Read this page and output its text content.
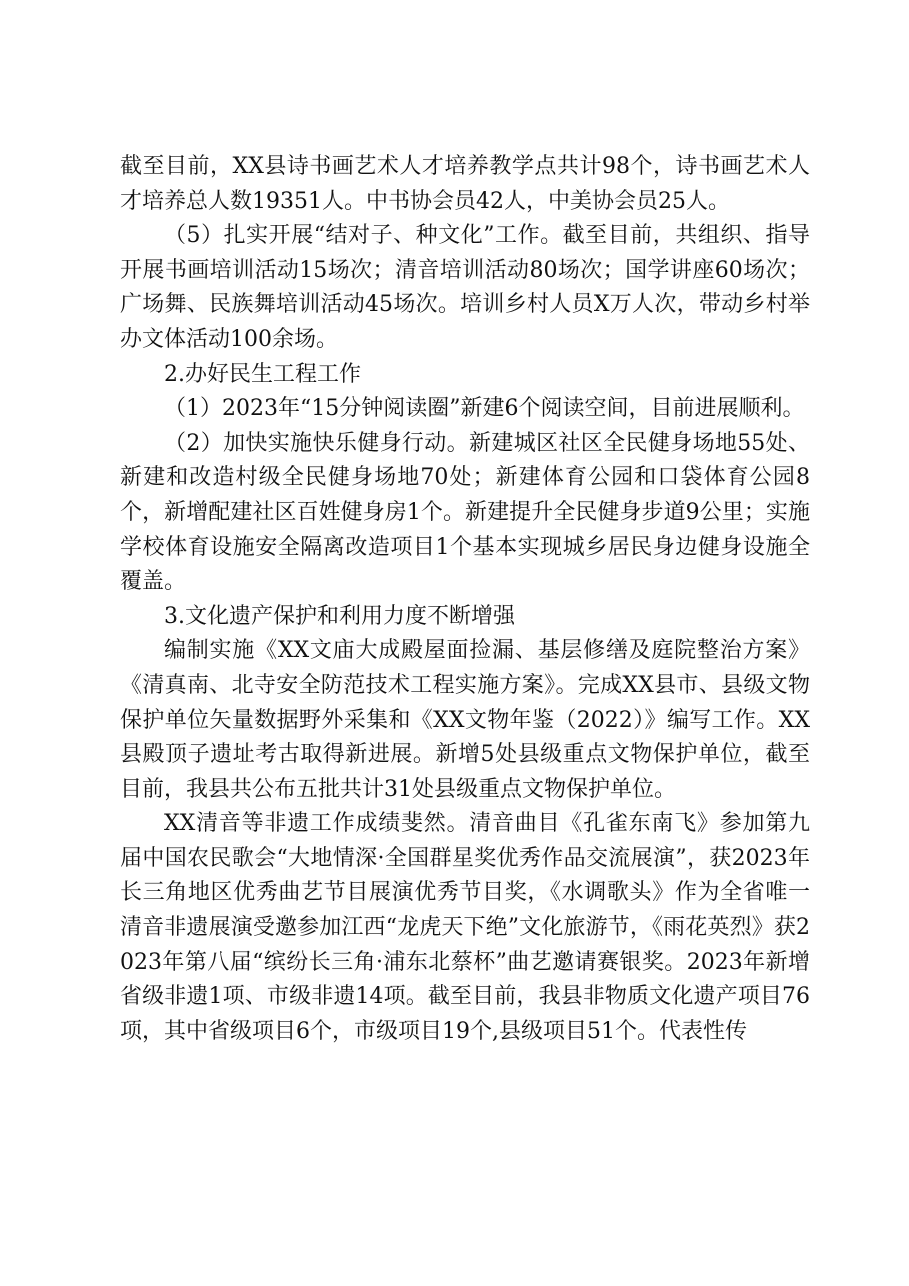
截至目前，XX县诗书画艺术人才培养教学点共计98个，诗书画艺术人才培养总人数19351人。中书协会员42人，中美协会员25人。

（5）扎实开展“结对子、种文化”工作。截至目前，共组织、指导开展书画培训活动15场次；清音培训活动80场次；国学讲座60场次；广场舞、民族舞培训活动45场次。培训乡村人员X万人次，带动乡村举办文体活动100余场。

2.办好民生工程工作

（1）2023年“15分钟阅读圈”新建6个阅读空间，目前进展顺利。

（2）加快实施快乐健身行动。新建城区社区全民健身场地55处、新建和改造村级全民健身场地70处；新建体育公园和口袋体育公园8个，新增配建社区百姓健身房1个。新建提升全民健身步道9公里；实施学校体育设施安全隔离改造项目1个基本实现城乡居民身边健身设施全覆盖。

3.文化遗产保护和利用力度不断增强

编制实施《XX文庙大成殿屋面捡漏、基层修缮及庭院整治方案》《清真南、北寺安全防范技术工程实施方案》。完成XX县市、县级文物保护单位矢量数据野外采集和《XX文物年鉴（2022）》编写工作。XX县殿顶子遗址考古取得新进展。新增5处县级重点文物保护单位，截至目前，我县共公布五批共计31处县级重点文物保护单位。

XX清音等非遗工作成绩斐然。清音曲目《孔雀东南飞》参加第九届中国农民歌会“大地情深·全国群星奖优秀作品交流展演”，获2023年长三角地区优秀曲艺节目展演优秀节目奖，《水调歌头》作为全省唯一清音非遗展演受邀参加江西“龙虎天下绝”文化旅游节，《雨花英烈》获2023年第八届“缤纷长三角·浦东北蔡杯”曲艺邀请赛银奖。2023年新增省级非遗1项、市级非遗14项。截至目前，我县非物质文化遗产项目76项，其中省级项目6个，市级项目19个,县级项目51个。代表性传
